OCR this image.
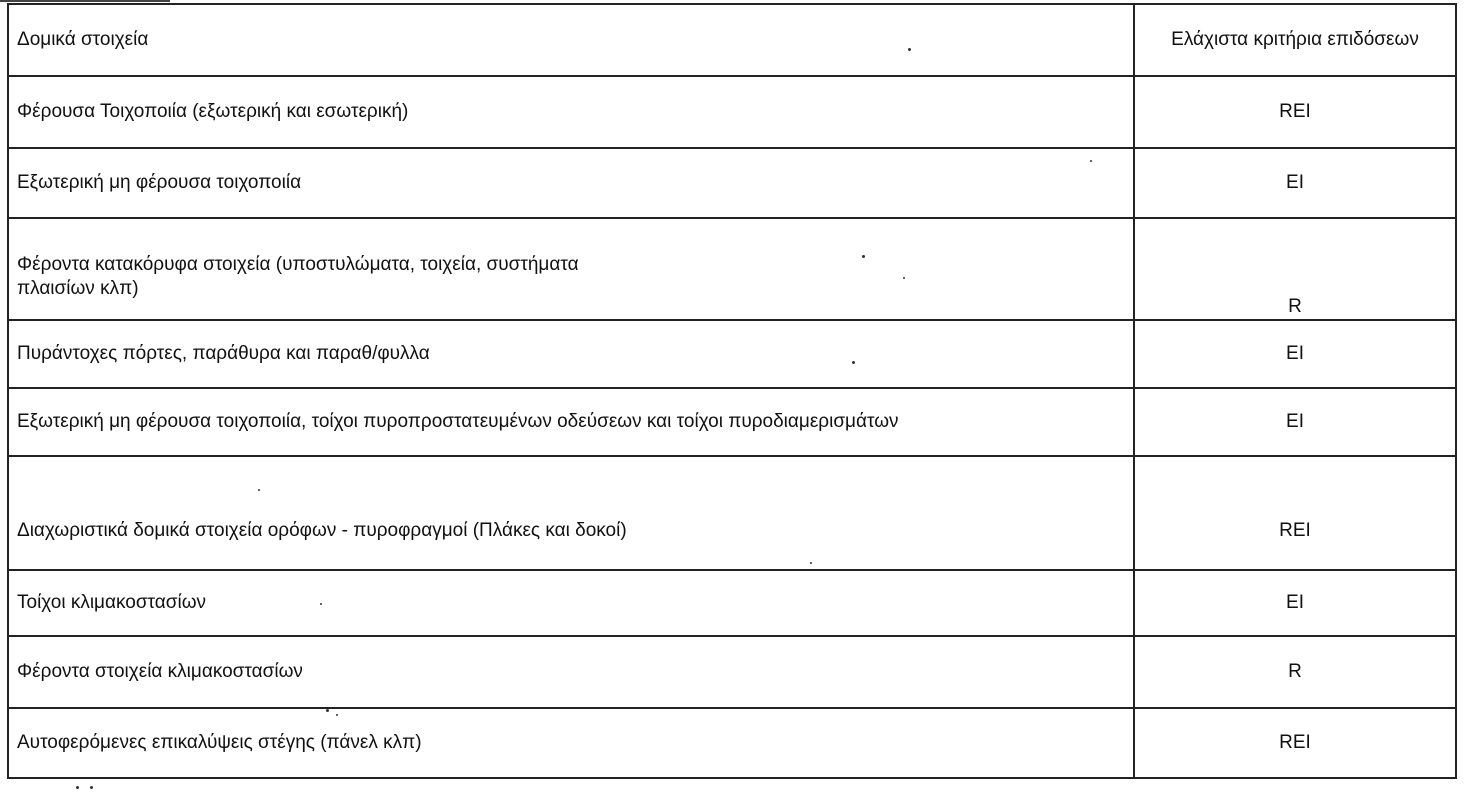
Δομικά στοιχεία	Ελάχιστα κριτήρια επιδόσεων
Φέρουσα Τοιχοποιία (εξωτερική και εσωτερική)	REI
Εξωτερική μη φέρουσα τοιχοποιία	EI

Φέροντα κατακόρυφα στοιχεία (υποστυλώματα, τοιχεία, συστήματα
πλαισίων κλπ)	R
Πυράντοχες πόρτες, παράθυρα και παραθ/φυλλα	EI
Εξωτερική μη φέρουσα τοιχοποιία, τοίχοι πυροπροστατευμένων οδεύσεων και τοίχοι πυροδιαμερισμάτων	EI
Διαχωριστικά δομικά στοιχεία ορόφων - πυροφραγμοί (Πλάκες και δοκοί)	REI
Τοίχοι κλιμακοστασίων	EI
Φέροντα στοιχεία κλιμακοστασίων	R
Αυτοφερόμενες επικαλύψεις στέγης (πάνελ κλπ)	REI
